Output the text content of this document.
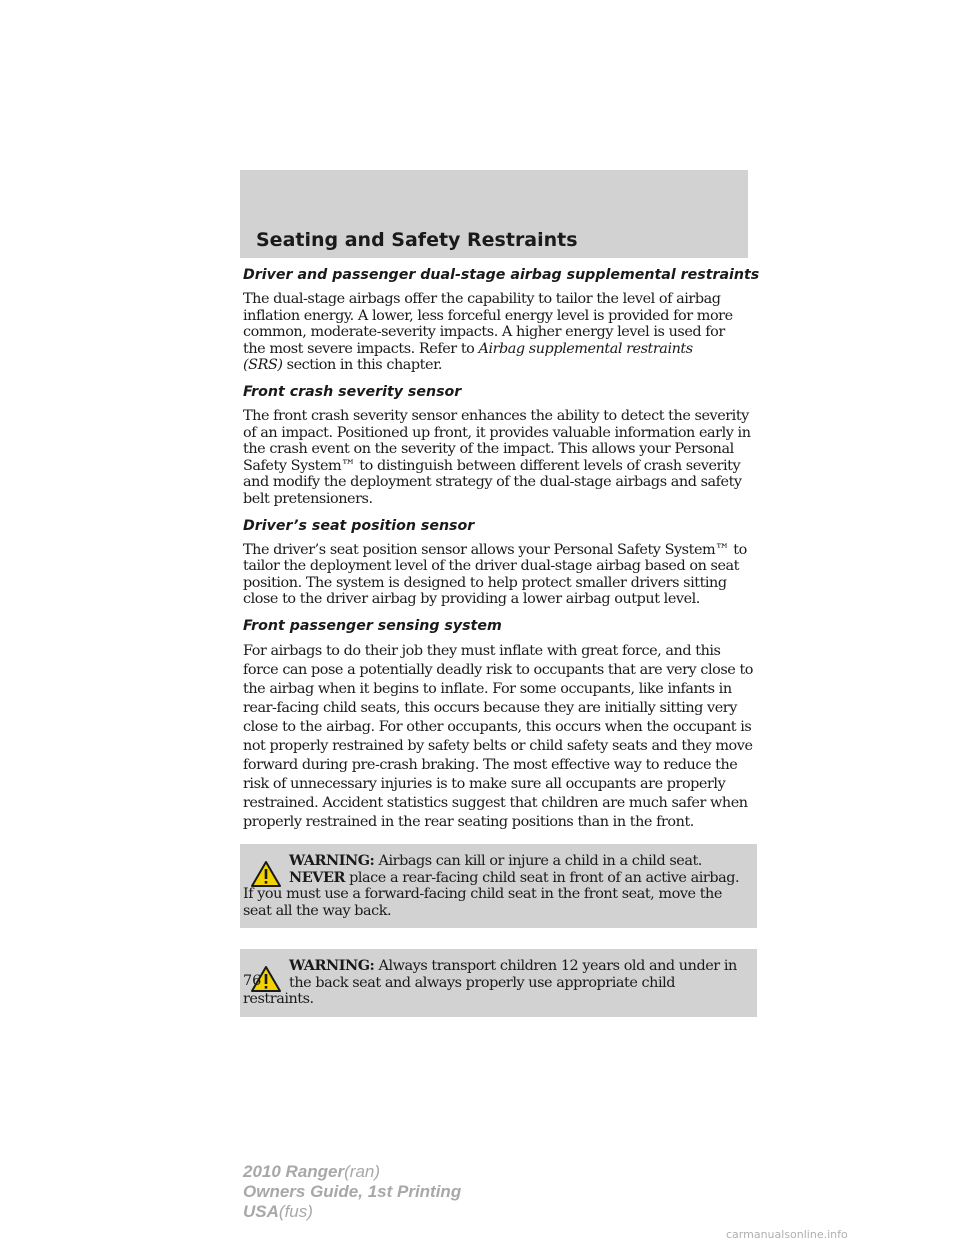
Seating and Safety Restraints
Driver and passenger dual-stage airbag supplemental restraints

The dual-stage airbags offer the capability to tailor the level of airbag
inflation energy. A lower, less forceful energy level is provided for more
common, moderate-severity impacts. A higher energy level is used for
the most severe impacts. Refer to Airbag supplemental restraints
(SRS) section in this chapter.

Front crash severity sensor

The front crash severity sensor enhances the ability to detect the severity of an impact. Positioned up front, it provides valuable information early in the crash event on the severity of the impact. This allows your Personal Safety System™ to distinguish between different levels of crash severity and modify the deployment strategy of the dual-stage airbags and safety belt pretensioners.

Driver’s seat position sensor

The driver’s seat position sensor allows your Personal Safety System™ to tailor the deployment level of the driver dual-stage airbag based on seat position. The system is designed to help protect smaller drivers sitting close to the driver airbag by providing a lower airbag output level.

Front passenger sensing system

For airbags to do their job they must inflate with great force, and this force can pose a potentially deadly risk to occupants that are very close to the airbag when it begins to inflate. For some occupants, like infants in rear-facing child seats, this occurs because they are initially sitting very close to the airbag. For other occupants, this occurs when the occupant is not properly restrained by safety belts or child safety seats and they move forward during pre-crash braking. The most effective way to reduce the risk of unnecessary injuries is to make sure all occupants are properly restrained. Accident statistics suggest that children are much safer when properly restrained in the rear seating positions than in the front.

WARNING: Airbags can kill or injure a child in a child seat.
NEVER place a rear-facing child seat in front of an active airbag.
If you must use a forward-facing child seat in the front seat, move the seat all the way back.
WARNING: Always transport children 12 years old and under in
the back seat and always properly use appropriate child
restraints.
76
2010 Ranger(ran)
Owners Guide, 1st Printing
USA(fus)
carmanualsonline.info
